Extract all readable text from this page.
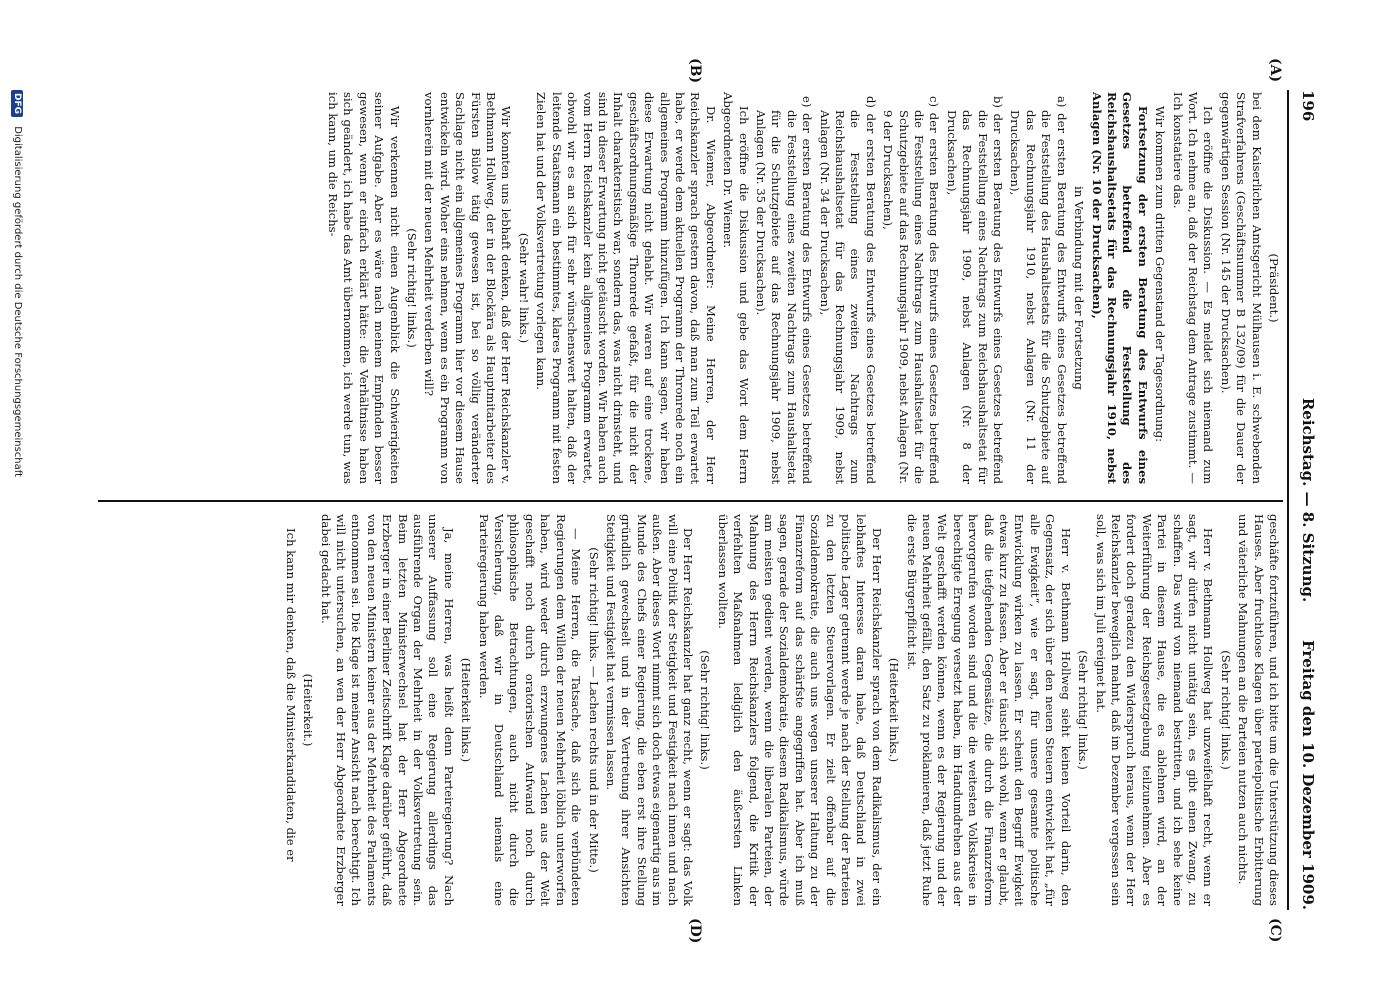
196
Reichstag. — 8. Sitzung.
Freitag den 10. Dezember 1909.
(A)
(B)
(C)
(D)

(Präsident.)

bei dem Kaiserlichen Amtsgericht Mülhausen i. E. schwebenden Strafverfahrens (Geschäftsnummer B 132/09) für die Dauer der gegenwärtigen Session (Nr. 145 der Drucksachen).

Ich eröffne die Diskussion. — Es meldet sich niemand zum Wort. Ich nehme an, daß der Reichstag dem Antrage zustimmt. — Ich konstatiere das.

Wir kommen zum dritten Gegenstand der Tagesordnung:

Fortsetzung der ersten Beratung des Entwurfs eines Gesetzes betreffend die Feststellung des Reichshaushaltsetats für das Rechnungsjahr 1910, nebst Anlagen (Nr. 10 der Drucksachen),

in Verbindung mit der Fortsetzung

a) der ersten Beratung des Entwurfs eines Gesetzes betreffend die Feststellung des Haushaltsetats für die Schutzgebiete auf das Rechnungsjahr 1910, nebst Anlagen (Nr. 11 der Drucksachen),

b) der ersten Beratung des Entwurfs eines Gesetzes betreffend die Feststellung eines Nachtrags zum Reichshaushaltsetat für das Rechnungsjahr 1909, nebst Anlagen (Nr. 8 der Drucksachen),

c) der ersten Beratung des Entwurfs eines Gesetzes betreffend die Feststellung eines Nachtrags zum Haushaltsetat für die Schutzgebiete auf das Rechnungsjahr 1909, nebst Anlagen (Nr. 9 der Drucksachen),

d) der ersten Beratung des Entwurfs eines Gesetzes betreffend die Feststellung eines zweiten Nachtrags zum Reichshaushaltsetat für das Rechnungsjahr 1909, nebst Anlagen (Nr. 34 der Drucksachen),

e) der ersten Beratung des Entwurfs eines Gesetzes betreffend die Feststellung eines zweiten Nachtrags zum Haushaltsetat für die Schutzgebiete auf das Rechnungsjahr 1909, nebst Anlagen (Nr. 35 der Drucksachen).

Ich eröffne die Diskussion und gebe das Wort dem Herrn Abgeordneten Dr. Wiemer.

Dr. Wiemer, Abgeordneter: Meine Herren, der Herr Reichskanzler sprach gestern davon, daß man zum Teil erwartet habe, er werde dem aktuellen Programm der Thronrede noch ein allgemeines Programm hinzufügen. Ich kann sagen, wir haben diese Erwartung nicht gehabt. Wir waren auf eine trockene, geschäftsordnungsmäßige Thronrede gefaßt, für die nicht der Inhalt charakteristisch war, sondern das, was nicht drinsteht, und sind in dieser Erwartung nicht getäuscht worden. Wir haben auch vom Herrn Reichskanzler kein allgemeines Programm erwartet, obwohl wir es an sich für sehr wünschenswert halten, daß der leitende Staatsmann ein bestimmtes, klares Programm mit festen Zielen hat und der Volksvertretung vorlegen kann.

(Sehr wahr! links.)

Wir konnten uns lebhaft denken, daß der Herr Reichskanzler v. Bethmann Hollweg, der in der Blockära als Hauptmitarbeiter des Fürsten Bülow tätig gewesen ist, bei so völlig veränderter Sachlage nicht ein allgemeines Programm hier vor diesem Hause entwickeln wird. Woher eins nehmen, wenn es ein Programm von vornherein mit der neuen Mehrheit verderben will?

(Sehr richtig! links.)

Wir verkennen nicht einen Augenblick die Schwierigkeiten seiner Aufgabe. Aber es wäre nach meinem Empfinden besser gewesen, wenn er einfach erklärt hätte: die Verhältnisse haben sich geändert, ich habe das Amt übernommen, ich werde tun, was ich kann, um die Reichs-

geschäfte fortzuführen, und ich bitte um die Unterstützung dieses Hauses. Aber fruchtlose Klagen über parteipolitische Erbitterung und väterliche Mahnungen an die Parteien nutzen auch nichts.

(Sehr richtig! links.)

Herr v. Bethmann Hollweg hat unzweifelhaft recht, wenn er sagt, wir dürfen nicht untätig sein, es gibt einen Zwang, zu schaffen. Das wird von niemand bestritten, und ich sehe keine Partei in diesem Hause, die es ablehnen wird, an der Weiterführung der Reichsgesetzgebung teilzunehmen. Aber es fordert doch geradezu den Widerspruch heraus, wenn der Herr Reichskanzler beweglich mahnt, daß im Dezember vergessen sein soll, was sich im Juli ereignet hat.

(Sehr richtig! links.)

Herr v. Bethmann Hollweg sieht keinen Vorteil darin, den Gegensatz, der sich über den neuen Steuern entwickelt hat, „für alle Ewigkeit“, wie er sagt, für unsere gesamte politische Entwicklung wirken zu lassen. Er scheint den Begriff Ewigkeit etwas kurz zu fassen. Aber er täuscht sich wohl, wenn er glaubt, daß die tiefgehenden Gegensätze, die durch die Finanzreform hervorgerufen worden sind und die die weitesten Volkskreise in berechtigte Erregung versetzt haben, im Handumdrehen aus der Welt geschafft werden können, wenn es der Regierung und der neuen Mehrheit gefällt, den Satz zu proklamieren, daß jetzt Ruhe die erste Bürgerpflicht ist.

(Heiterkeit links.)

Der Herr Reichskanzler sprach von dem Radikalismus, der ein lebhaftes Interesse daran habe, daß Deutschland in zwei politische Lager getrennt werde je nach der Stellung der Parteien zu den letzten Steuervorlagen. Er zielt offenbar auf die Sozialdemokratie, die auch uns wegen unserer Haltung zu der Finanzreform auf das schärfste angegriffen hat. Aber ich muß sagen, gerade der Sozialdemokratie, diesem Radikalismus, würde am meisten gedient werden, wenn die liberalen Parteien, der Mahnung des Herrn Reichskanzlers folgend, die Kritik der verfehlten Maßnahmen lediglich den äußersten Linken überlassen wollten.

(Sehr richtig! links.)

Der Herr Reichskanzler hat ganz recht, wenn er sagt: das Volk will eine Politik der Stetigkeit und Festigkeit nach innen und nach außen. Aber dieses Wort nimmt sich doch etwas eigenartig aus im Munde des Chefs einer Regierung, die eben erst ihre Stellung gründlich gewechselt und in der Vertretung ihrer Ansichten Stetigkeit und Festigkeit hat vermissen lassen.

(Sehr richtig! links. — Lachen rechts und in der Mitte.)

— Meine Herren, die Tatsache, daß sich die verbündeten Regierungen dem Willen der neuen Mehrheit löblich unterworfen haben, wird weder durch erzwungenes Lachen aus der Welt geschafft noch durch oratorischen Aufwand noch durch philosophische Betrachtungen, auch nicht durch die Versicherung, daß wir in Deutschland niemals eine Parteiregierung haben werden.

(Heiterkeit links.)

Ja, meine Herren, was heißt denn Parteiregierung? Nach unserer Auffassung soll eine Regierung allerdings das ausführende Organ der Mehrheit in der Volksvertretung sein. Beim letzten Ministerwechsel hat der Herr Abgeordnete Erzberger in einer Berliner Zeitschrift Klage darüber geführt, daß von den neuen Ministern keiner aus der Mehrheit des Parlaments entnommen sei. Die Klage ist meiner Ansicht nach berechtigt. Ich will nicht untersuchen, an wen der Herr Abgeordnete Erzberger dabei gedacht hat.

(Heiterkeit.)

Ich kann mir denken, daß die Ministerkandidaten, die er

DFG Digitalisierung gefördert durch die Deutsche Forschungsgemeinschaft
